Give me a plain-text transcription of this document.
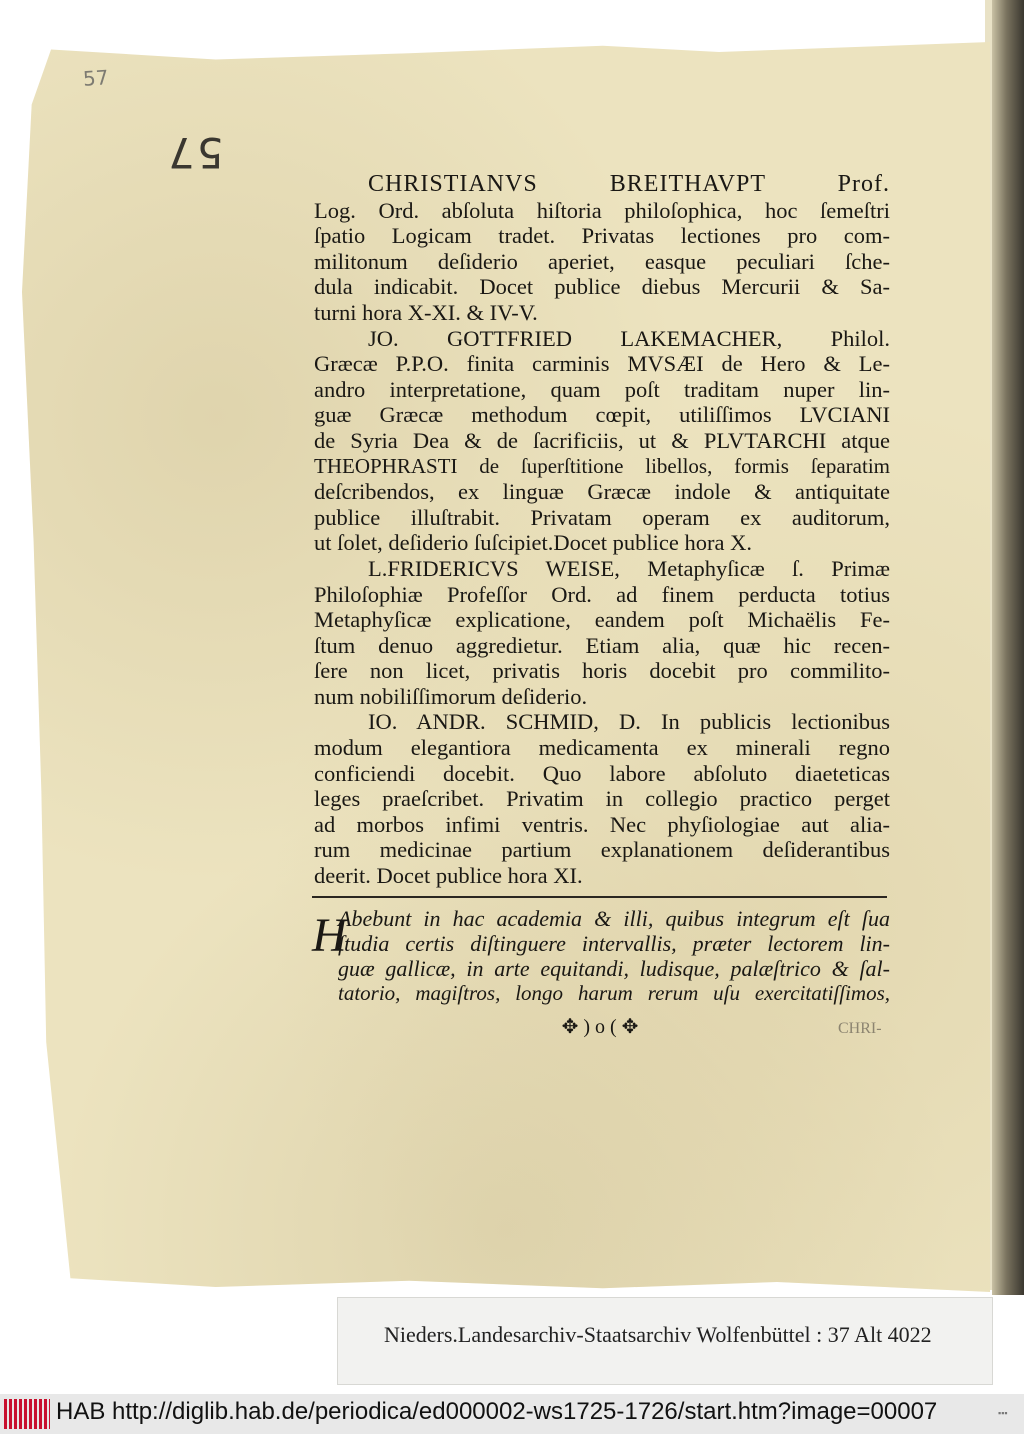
57
57
CHRISTIANVS BREITHAVPT Prof.
Log. Ord. abſoluta hiſtoria philoſophica, hoc ſemeſtri
ſpatio Logicam tradet. Privatas lectiones pro com-
militonum deſiderio aperiet, easque peculiari ſche-
dula indicabit. Docet publice diebus Mercurii & Sa-
turni hora X-XI. & IV-V.
JO. GOTTFRIED LAKEMACHER, Philol.
Græcæ P.P.O. finita carminis MVSÆI de Hero & Le-
andro interpretatione, quam poſt traditam nuper lin-
guæ Græcæ methodum cœpit, utiliſſimos LVCIANI
de Syria Dea & de ſacrificiis, ut & PLVTARCHI atque
THEOPHRASTI de ſuperſtitione libellos, formis ſeparatim
deſcribendos, ex linguæ Græcæ indole & antiquitate
publice illuſtrabit. Privatam operam ex auditorum,
ut ſolet, deſiderio ſuſcipiet.Docet publice hora X.
L.FRIDERICVS WEISE, Metaphyſicæ ſ. Primæ
Philoſophiæ Profeſſor Ord. ad finem perducta totius
Metaphyſicæ explicatione, eandem poſt Michaëlis Fe-
ſtum denuo aggredietur. Etiam alia, quæ hic recen-
ſere non licet, privatis horis docebit pro commilito-
num nobiliſſimorum deſiderio.
IO. ANDR. SCHMID, D. In publicis lectionibus
modum elegantiora medicamenta ex minerali regno
conficiendi docebit. Quo labore abſoluto diaeteticas
leges praeſcribet. Privatim in collegio practico perget
ad morbos infimi ventris. Nec phyſiologiae aut alia-
rum medicinae partium explanationem deſiderantibus
deerit. Docet publice hora XI.
H
Abebunt in hac academia & illi, quibus integrum eſt ſua
ſtudia certis diſtinguere intervallis, præter lectorem lin-
guæ gallicæ, in arte equitandi, ludisque, palæſtrico & ſal-
tatorio, magiſtros, longo harum rerum uſu exercitatiſſimos,
✥ ) o ( ✥	CHRI-
Nieders.Landesarchiv-Staatsarchiv Wolfenbüttel : 37 Alt 4022
HAB http://diglib.hab.de/periodica/ed000002-ws1725-1726/start.htm?image=00007	▪▪▪
